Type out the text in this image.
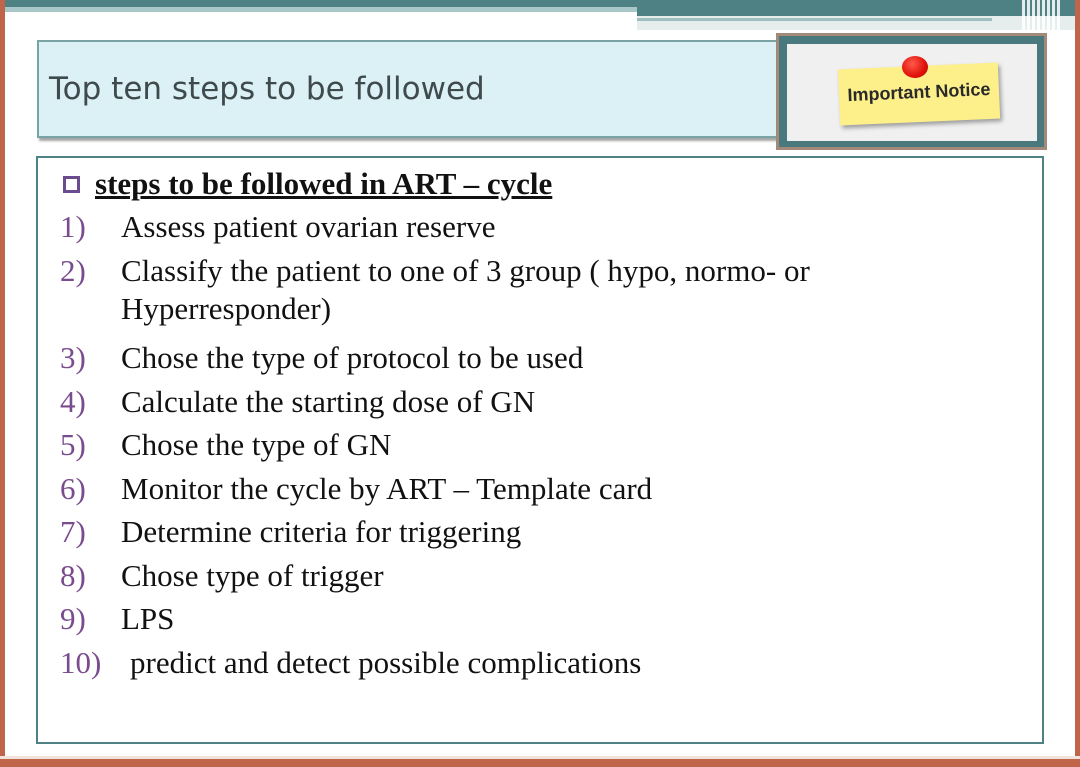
Top ten steps to be followed	Important Notice
steps to be followed in ART – cycle
1) Assess patient ovarian reserve
2) Classify the patient to one of 3 group ( hypo, normo- or Hyperresponder)
3) Chose the type of protocol to be used
4) Calculate the starting dose of GN
5) Chose the type of GN
6) Monitor the cycle by ART – Template card
7) Determine criteria for triggering
8) Chose type of trigger
9) LPS
10) predict and detect possible complications
